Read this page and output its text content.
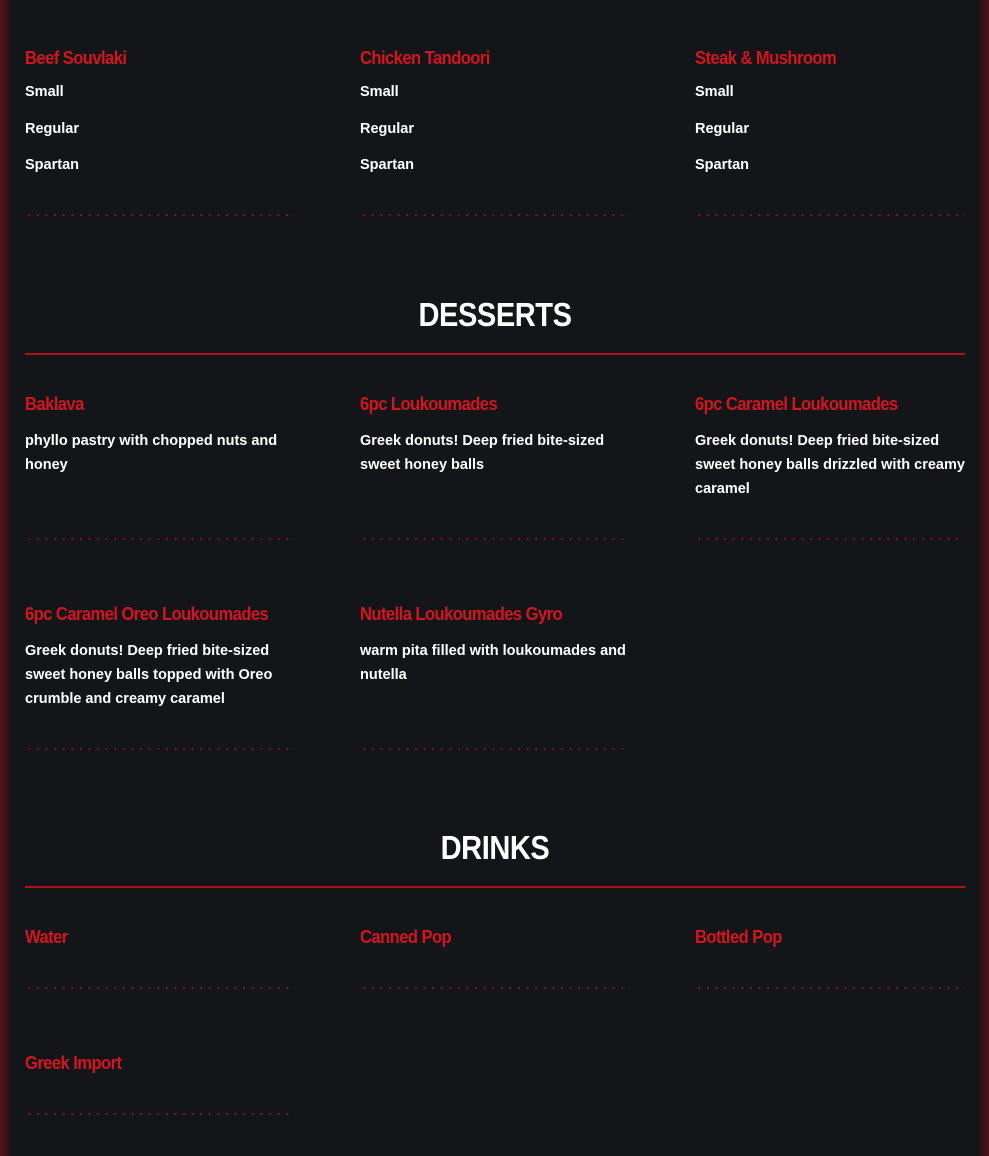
Beef Souvlaki
Small
Regular
Spartan
Chicken Tandoori
Small
Regular
Spartan
Steak & Mushroom
Small
Regular
Spartan
DESSERTS
Baklava

phyllo pastry with chopped nuts and honey

6pc Loukoumades

Greek donuts! Deep fried bite-sized sweet honey balls

6pc Caramel Loukoumades

Greek donuts! Deep fried bite-sized sweet honey balls drizzled with creamy caramel

6pc Caramel Oreo Loukoumades

Greek donuts! Deep fried bite-sized sweet honey balls topped with Oreo crumble and creamy caramel

Nutella Loukoumades Gyro

warm pita filled with loukoumades and nutella

DRINKS
Water	Canned Pop	Bottled Pop
Greek Import
